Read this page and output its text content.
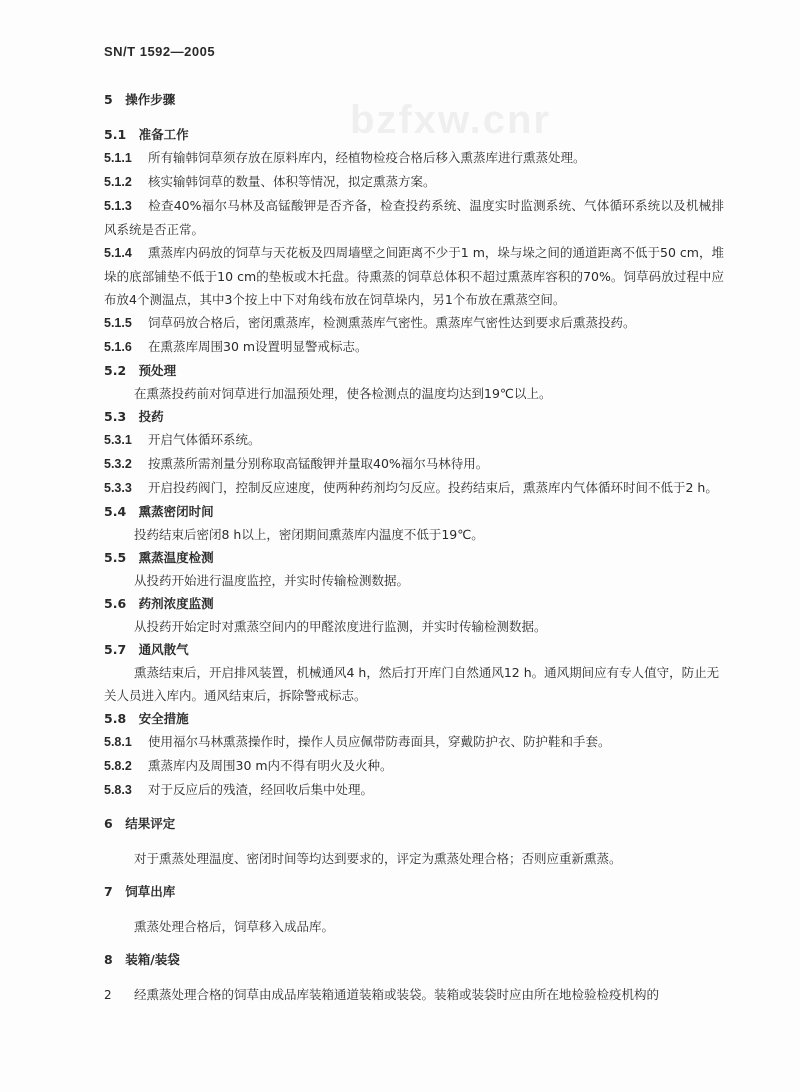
SN/T 1592—2005
bzfxw.cnr
5　操作步骤
5.1　准备工作

5.1.1 所有输韩饲草须存放在原料库内，经植物检疫合格后移入熏蒸库进行熏蒸处理。

5.1.2 核实输韩饲草的数量、体积等情况，拟定熏蒸方案。

5.1.3 检查40%福尔马林及高锰酸钾是否齐备，检查投药系统、温度实时监测系统、气体循环系统以及机械排风系统是否正常。

5.1.4 熏蒸库内码放的饲草与天花板及四周墙壁之间距离不少于1 m，垛与垛之间的通道距离不低于50 cm，堆垛的底部铺垫不低于10 cm的垫板或木托盘。待熏蒸的饲草总体积不超过熏蒸库容积的70%。饲草码放过程中应布放4个测温点，其中3个按上中下对角线布放在饲草垛内，另1个布放在熏蒸空间。

5.1.5 饲草码放合格后，密闭熏蒸库，检测熏蒸库气密性。熏蒸库气密性达到要求后熏蒸投药。

5.1.6 在熏蒸库周围30 m设置明显警戒标志。

5.2　预处理

在熏蒸投药前对饲草进行加温预处理，使各检测点的温度均达到19℃以上。

5.3　投药

5.3.1 开启气体循环系统。

5.3.2 按熏蒸所需剂量分别称取高锰酸钾并量取40%福尔马林待用。

5.3.3 开启投药阀门，控制反应速度，使两种药剂均匀反应。投药结束后，熏蒸库内气体循环时间不低于2 h。

5.4　熏蒸密闭时间

投药结束后密闭8 h以上，密闭期间熏蒸库内温度不低于19℃。

5.5　熏蒸温度检测

从投药开始进行温度监控，并实时传输检测数据。

5.6　药剂浓度监测

从投药开始定时对熏蒸空间内的甲醛浓度进行监测，并实时传输检测数据。

5.7　通风散气

熏蒸结束后，开启排风装置，机械通风4 h，然后打开库门自然通风12 h。通风期间应有专人值守，防止无关人员进入库内。通风结束后，拆除警戒标志。

5.8　安全措施

5.8.1 使用福尔马林熏蒸操作时，操作人员应佩带防毒面具，穿戴防护衣、防护鞋和手套。

5.8.2 熏蒸库内及周围30 m内不得有明火及火种。

5.8.3 对于反应后的残渣，经回收后集中处理。

6　结果评定

对于熏蒸处理温度、密闭时间等均达到要求的，评定为熏蒸处理合格；否则应重新熏蒸。

7　饲草出库

熏蒸处理合格后，饲草移入成品库。

8　装箱/装袋

经熏蒸处理合格的饲草由成品库装箱通道装箱或装袋。装箱或装袋时应由所在地检验检疫机构的

2
